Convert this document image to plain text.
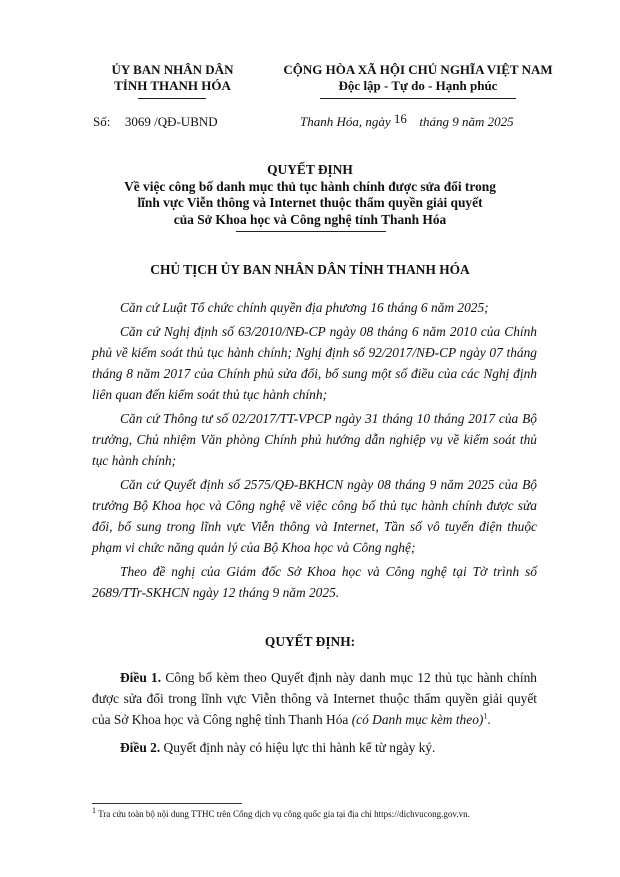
ỦY BAN NHÂN DÂN
TỈNH THANH HÓA
CỘNG HÒA XÃ HỘI CHỦ NGHĨA VIỆT NAM
Độc lập - Tự do - Hạnh phúc
Số: 3069 /QĐ-UBND	Thanh Hóa, ngày 16 tháng 9 năm 2025
QUYẾT ĐỊNH
Về việc công bố danh mục thủ tục hành chính được sửa đổi trong
lĩnh vực Viễn thông và Internet thuộc thẩm quyền giải quyết
của Sở Khoa học và Công nghệ tỉnh Thanh Hóa
CHỦ TỊCH ỦY BAN NHÂN DÂN TỈNH THANH HÓA
Căn cứ Luật Tổ chức chính quyền địa phương 16 tháng 6 năm 2025;
Căn cứ Nghị định số 63/2010/NĐ-CP ngày 08 tháng 6 năm 2010 của Chính phủ về kiểm soát thủ tục hành chính; Nghị định số 92/2017/NĐ-CP ngày 07 tháng tháng 8 năm 2017 của Chính phủ sửa đổi, bổ sung một số điều của các Nghị định liên quan đến kiểm soát thủ tục hành chính;
Căn cứ Thông tư số 02/2017/TT-VPCP ngày 31 tháng 10 tháng 2017 của Bộ trưởng, Chủ nhiệm Văn phòng Chính phủ hướng dẫn nghiệp vụ về kiểm soát thủ tục hành chính;
Căn cứ Quyết định số 2575/QĐ-BKHCN ngày 08 tháng 9 năm 2025 của Bộ trưởng Bộ Khoa học và Công nghệ về việc công bố thủ tục hành chính được sửa đổi, bổ sung trong lĩnh vực Viễn thông và Internet, Tần số vô tuyến điện thuộc phạm vi chức năng quản lý của Bộ Khoa học và Công nghệ;
Theo đề nghị của Giám đốc Sở Khoa học và Công nghệ tại Tờ trình số 2689/TTr-SKHCN ngày 12 tháng 9 năm 2025.
QUYẾT ĐỊNH:
Điều 1. Công bố kèm theo Quyết định này danh mục 12 thủ tục hành chính được sửa đổi trong lĩnh vực Viễn thông và Internet thuộc thẩm quyền giải quyết của Sở Khoa học và Công nghệ tỉnh Thanh Hóa (có Danh mục kèm theo)$^1$.
Điều 2. Quyết định này có hiệu lực thi hành kể từ ngày ký.
$^1$ Tra cứu toàn bộ nội dung TTHC trên Cổng dịch vụ công quốc gia tại địa chỉ https://dichvucong.gov.vn.
